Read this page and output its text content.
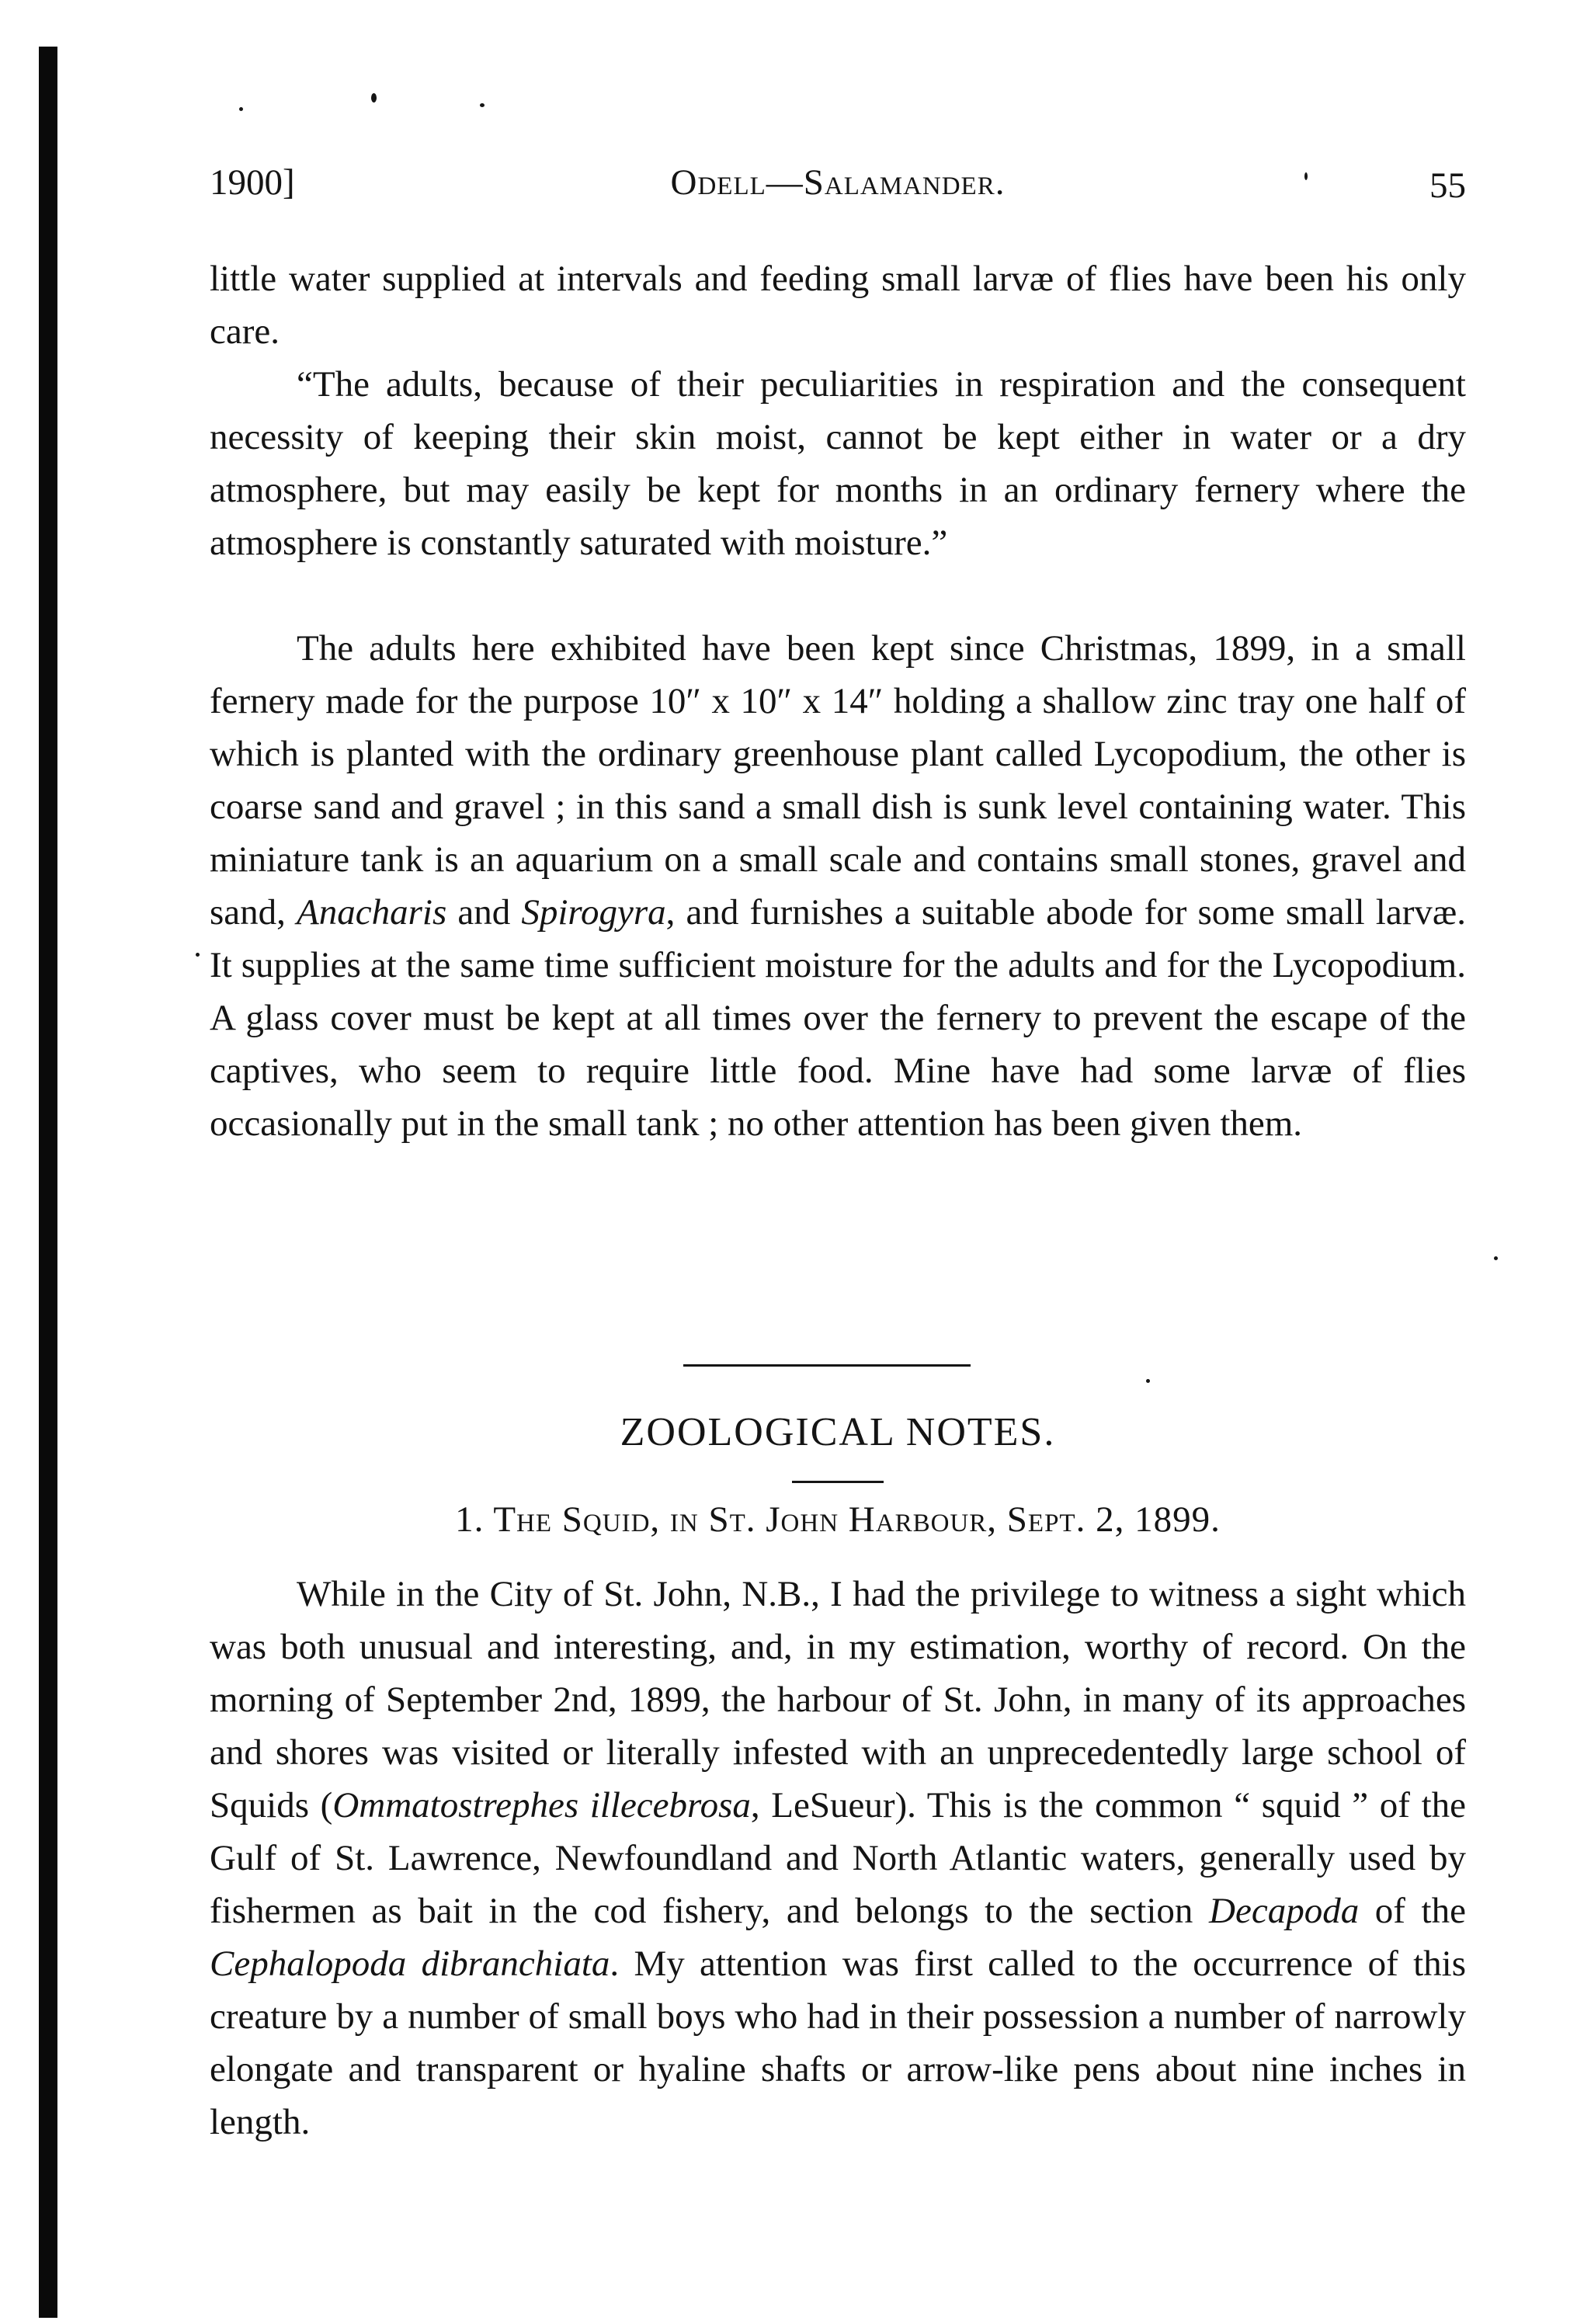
1900]	Odell—Salamander.	55

little water supplied at intervals and feeding small larvæ of flies have been his only care.

“The adults, because of their peculiarities in respiration and the consequent necessity of keeping their skin moist, cannot be kept either in water or a dry atmosphere, but may easily be kept for months in an ordinary fernery where the atmosphere is constantly saturated with moisture.”

The adults here exhibited have been kept since Christmas, 1899, in a small fernery made for the purpose 10″ x 10″ x 14″ holding a shallow zinc tray one half of which is planted with the ordinary greenhouse plant called Lycopodium, the other is coarse sand and gravel ; in this sand a small dish is sunk level containing water. This miniature tank is an aquarium on a small scale and contains small stones, gravel and sand, Anacharis and Spirogyra, and furnishes a suitable abode for some small larvæ. It supplies at the same time sufficient moisture for the adults and for the Lycopodium. A glass cover must be kept at all times over the fernery to prevent the escape of the captives, who seem to require little food. Mine have had some larvæ of flies occasionally put in the small tank ; no other attention has been given them.

ZOOLOGICAL NOTES.

1. The Squid, in St. John Harbour, Sept. 2, 1899.

While in the City of St. John, N.B., I had the privilege to witness a sight which was both unusual and interesting, and, in my estimation, worthy of record. On the morning of September 2nd, 1899, the harbour of St. John, in many of its approaches and shores was visited or literally infested with an unprecedentedly large school of Squids (Ommatostrephes illecebrosa, LeSueur). This is the common “ squid ” of the Gulf of St. Lawrence, Newfoundland and North Atlantic waters, generally used by fishermen as bait in the cod fishery, and belongs to the section Decapoda of the Cephalopoda dibranchiata. My attention was first called to the occurrence of this creature by a number of small boys who had in their possession a number of narrowly elongate and transparent or hyaline shafts or arrow-like pens about nine inches in length.
